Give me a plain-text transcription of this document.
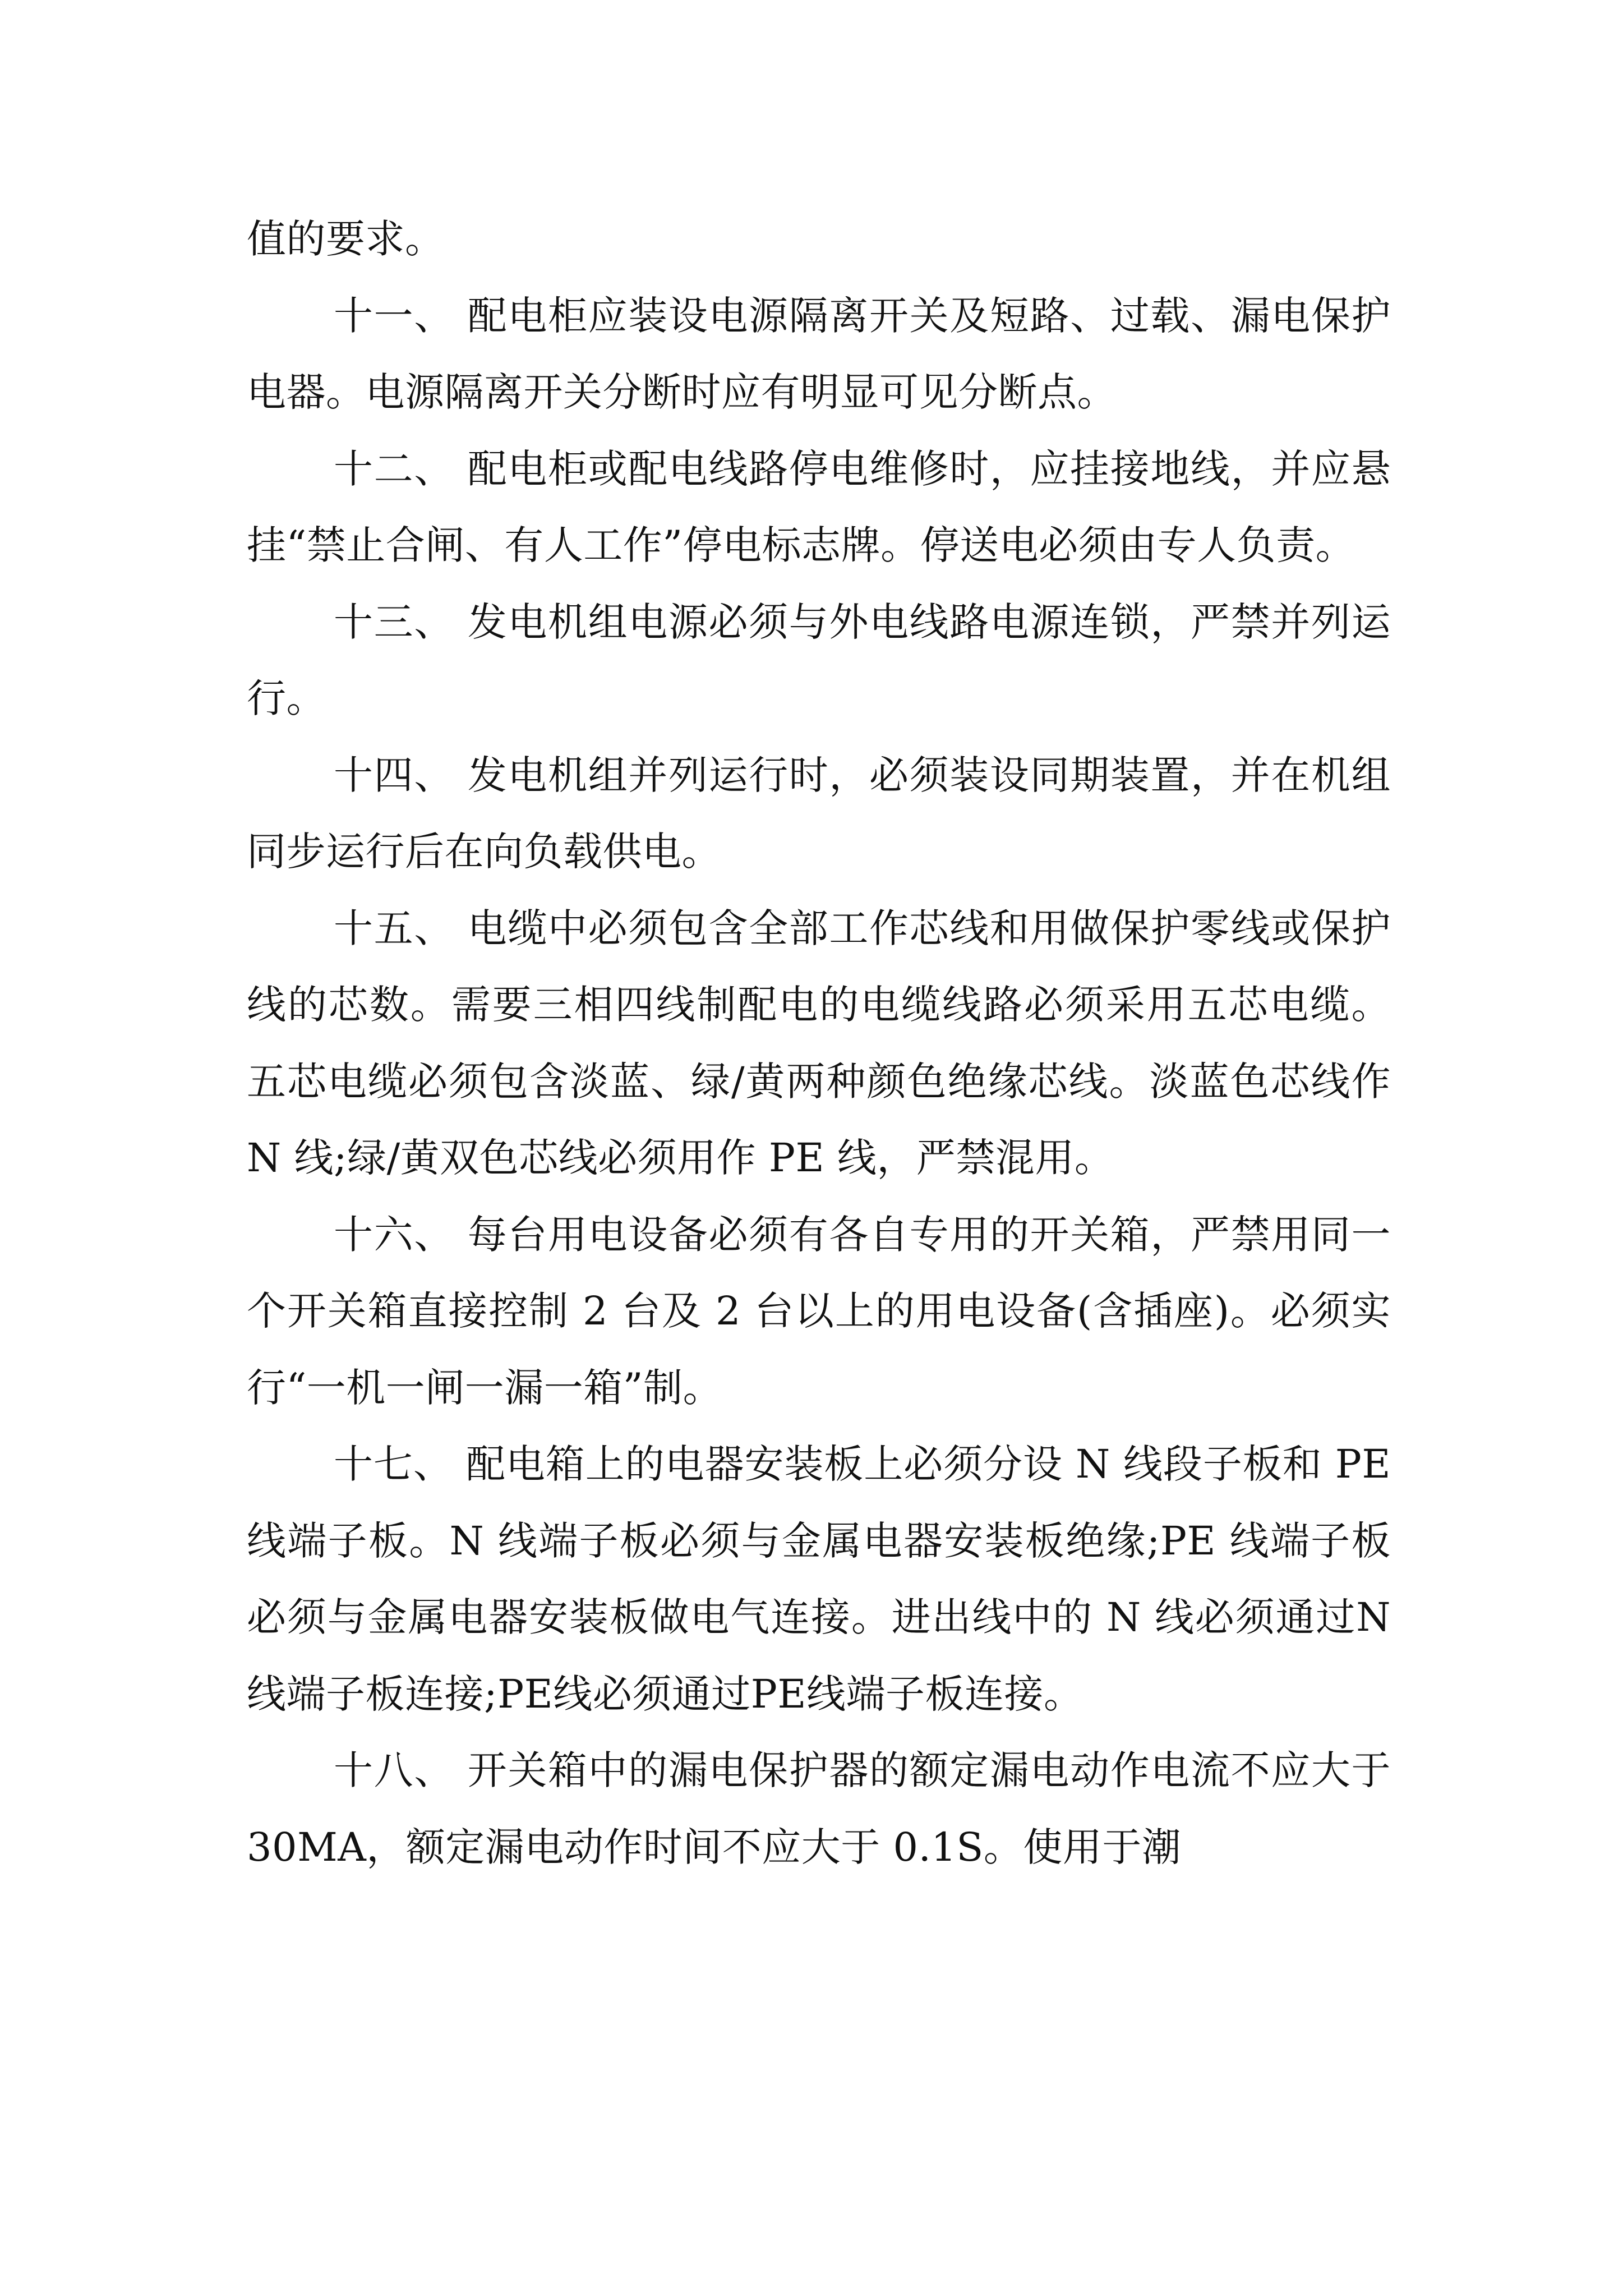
值的要求。

十一、 配电柜应装设电源隔离开关及短路、过载、漏电保护电器。电源隔离开关分断时应有明显可见分断点。

十二、 配电柜或配电线路停电维修时，应挂接地线，并应悬挂“禁止合闸、有人工作”停电标志牌。停送电必须由专人负责。

十三、 发电机组电源必须与外电线路电源连锁，严禁并列运行。

十四、 发电机组并列运行时，必须装设同期装置，并在机组同步运行后在向负载供电。

十五、 电缆中必须包含全部工作芯线和用做保护零线或保护线的芯数。需要三相四线制配电的电缆线路必须采用五芯电缆。五芯电缆必须包含淡蓝、绿/黄两种颜色绝缘芯线。淡蓝色芯线作 N 线;绿/黄双色芯线必须用作 PE 线，严禁混用。

十六、 每台用电设备必须有各自专用的开关箱，严禁用同一个开关箱直接控制 2 台及 2 台以上的用电设备(含插座)。必须实行“一机一闸一漏一箱”制。

十七、 配电箱上的电器安装板上必须分设 N 线段子板和 PE 线端子板。N 线端子板必须与金属电器安装板绝缘;PE 线端子板必须与金属电器安装板做电气连接。进出线中的 N 线必须通过N线端子板连接;PE线必须通过PE线端子板连接。

十八、 开关箱中的漏电保护器的额定漏电动作电流不应大于 30MA，额定漏电动作时间不应大于 0.1S。使用于潮
